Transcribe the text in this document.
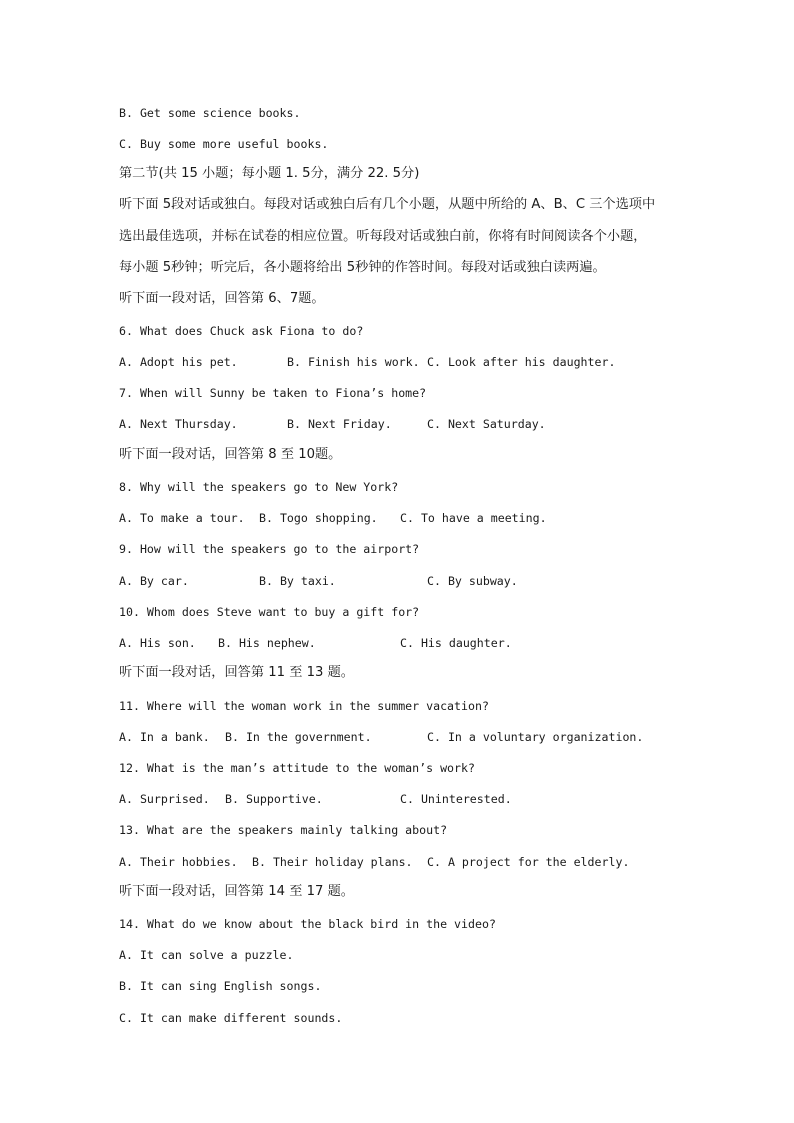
B. Get some science books.
C. Buy some more useful books.
第二节(共 15 小题；每小题 1. 5分，满分 22. 5分)
听下面 5段对话或独白。每段对话或独白后有几个小题，从题中所给的 A、B、C 三个选项中
选出最佳选项，并标在试卷的相应位置。听每段对话或独白前，你将有时间阅读各个小题，
每小题 5秒钟；听完后，各小题将给出 5秒钟的作答时间。每段对话或独白读两遍。
听下面一段对话，回答第 6、7题。
6. What does Chuck ask Fiona to do?
A. Adopt his pet.	B. Finish his work. C. Look after his daughter.
7. When will Sunny be taken to Fiona’s home?
A. Next Thursday.	B. Next Friday.	C. Next Saturday.
听下面一段对话，回答第 8 至 10题。
8. Why will the speakers go to New York?
A. To make a tour. B. Togo shopping. C. To have a meeting.
9. How will the speakers go to the airport?
A. By car.	B. By taxi.	C. By subway.
10. Whom does Steve want to buy a gift for?
A. His son. B. His nephew.	C. His daughter.
听下面一段对话，回答第 11 至 13 题。
11. Where will the woman work in the summer vacation?
A. In a bank. B. In the government.	C. In a voluntary organization.
12. What is the man’s attitude to the woman’s work?
A. Surprised. B. Supportive.	C. Uninterested.
13. What are the speakers mainly talking about?
A. Their hobbies. B. Their holiday plans. C. A project for the elderly.
听下面一段对话，回答第 14 至 17 题。
14. What do we know about the black bird in the video?
A. It can solve a puzzle.
B. It can sing English songs.
C. It can make different sounds.
